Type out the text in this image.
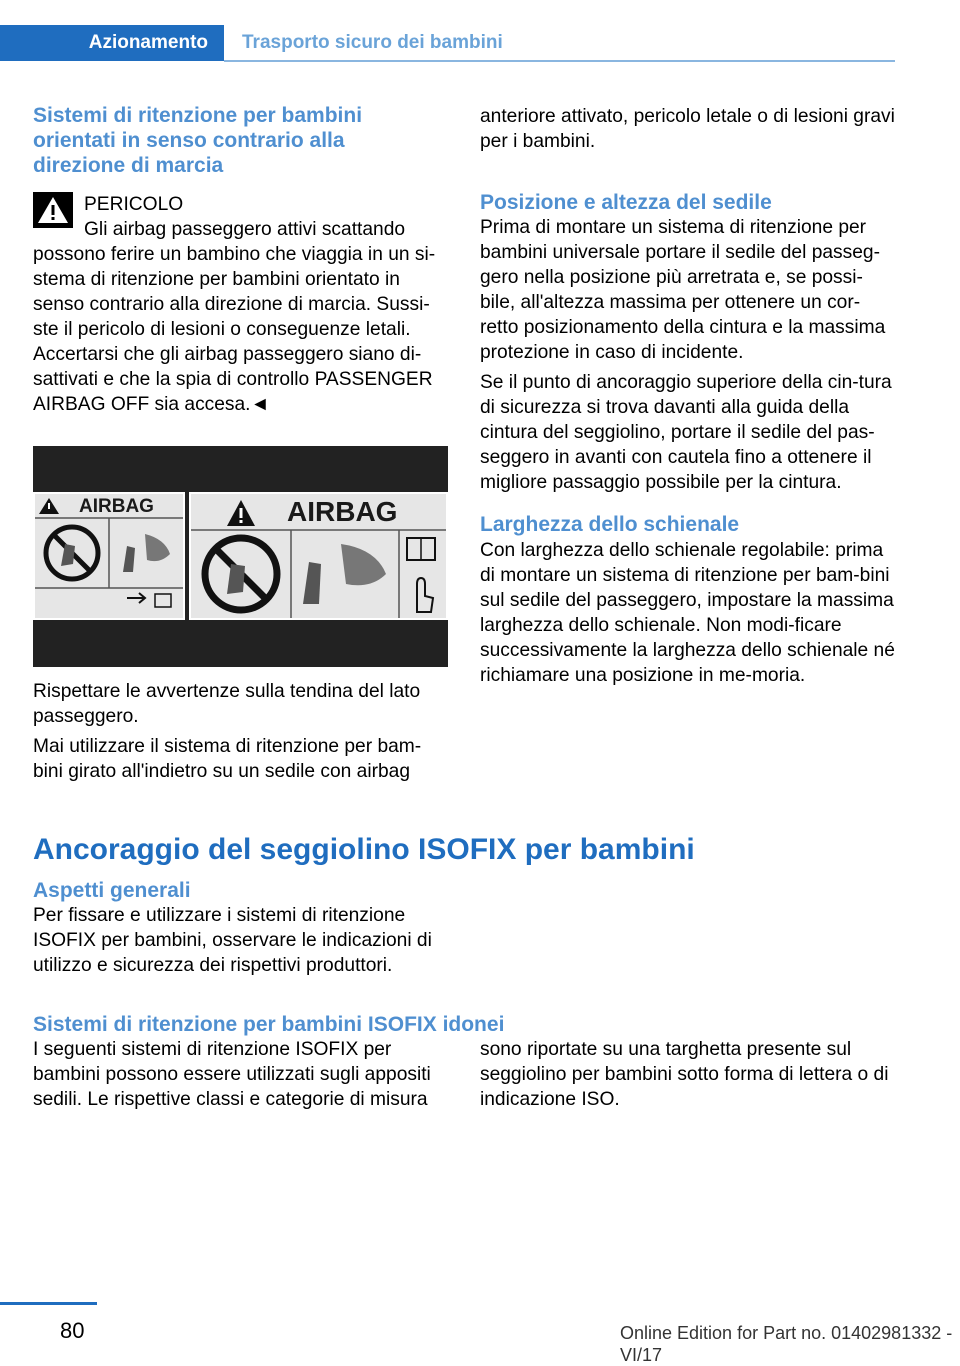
Azionamento	Trasporto sicuro dei bambini
Sistemi di ritenzione per bambini orientati in senso contrario alla direzione di marcia

PERICOLO

Gli airbag passeggero attivi scattando possono ferire un bambino che viaggia in un si-stema di ritenzione per bambini orientato in senso contrario alla direzione di marcia. Sussi-ste il pericolo di lesioni o conseguenze letali. Accertarsi che gli airbag passeggero siano di-sattivati e che la spia di controllo PASSENGER AIRBAG OFF sia accesa.◄

AIRBAG	AIRBAG

Rispettare le avvertenze sulla tendina del lato passeggero.

Mai utilizzare il sistema di ritenzione per bam-bini girato all'indietro su un sedile con airbag

anteriore attivato, pericolo letale o di lesioni gravi per i bambini.

Posizione e altezza del sedile

Prima di montare un sistema di ritenzione per bambini universale portare il sedile del passeg-gero nella posizione più arretrata e, se possi-bile, all'altezza massima per ottenere un cor-retto posizionamento della cintura e la massima protezione in caso di incidente.

Se il punto di ancoraggio superiore della cin-tura di sicurezza si trova davanti alla guida della cintura del seggiolino, portare il sedile del pas-seggero in avanti con cautela fino a ottenere il migliore passaggio possibile per la cintura.

Larghezza dello schienale

Con larghezza dello schienale regolabile: prima di montare un sistema di ritenzione per bam-bini sul sedile del passeggero, impostare la massima larghezza dello schienale. Non modi-ficare successivamente la larghezza dello schienale né richiamare una posizione in me-moria.

Ancoraggio del seggiolino ISOFIX per bambini
Aspetti generali

Per fissare e utilizzare i sistemi di ritenzione ISOFIX per bambini, osservare le indicazioni di utilizzo e sicurezza dei rispettivi produttori.

Sistemi di ritenzione per bambini ISOFIX idonei

I seguenti sistemi di ritenzione ISOFIX per bambini possono essere utilizzati sugli appositi sedili. Le rispettive classi e categorie di misura

sono riportate su una targhetta presente sul seggiolino per bambini sotto forma di lettera o di indicazione ISO.

80	Online Edition for Part no. 01402981332 - VI/17
